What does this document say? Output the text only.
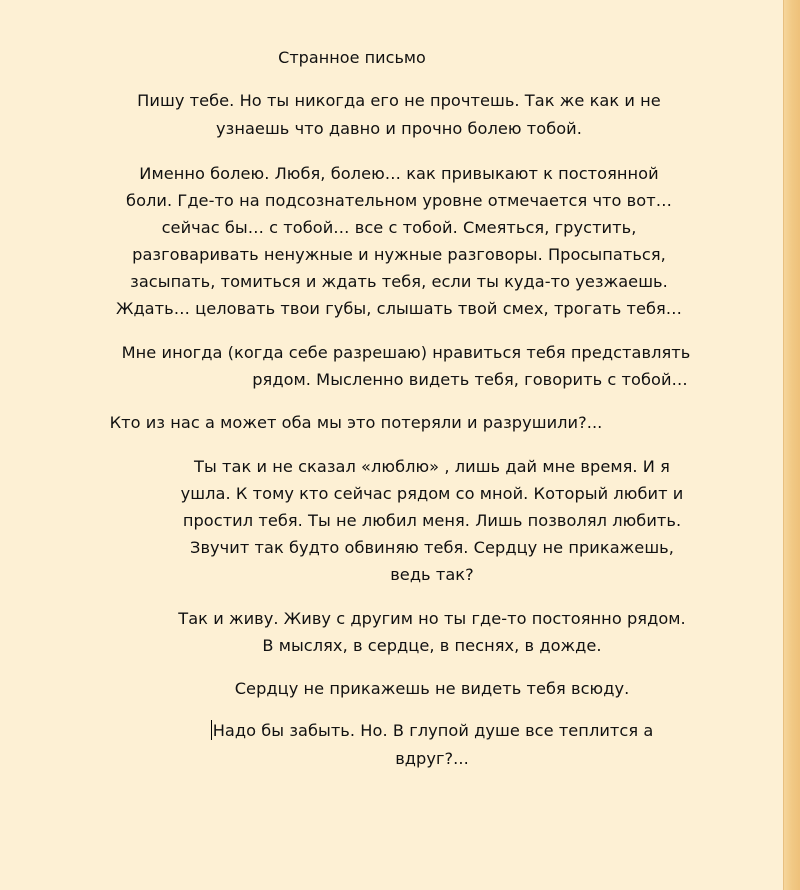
Странное письмо
Пишу тебе. Но ты никогда его не прочтешь. Так же как и не
узнаешь что давно и прочно болею тобой.
Именно болею. Любя, болею… как привыкают к постоянной
боли. Где-то на подсознательном уровне отмечается что вот…
сейчас бы… с тобой… все с тобой. Смеяться, грустить,
разговаривать ненужные и нужные разговоры. Просыпаться,
засыпать, томиться и ждать тебя, если ты куда-то уезжаешь.
Ждать… целовать твои губы, слышать твой смех, трогать тебя…
Мне иногда (когда себе разрешаю) нравиться тебя представлять
рядом. Мысленно видеть тебя, говорить с тобой…
Кто из нас а может оба мы это потеряли и разрушили?...
Ты так и не сказал «люблю» , лишь дай мне время. И я
ушла. К тому кто сейчас рядом со мной. Который любит и
простил тебя. Ты не любил меня. Лишь позволял любить.
Звучит так будто обвиняю тебя. Сердцу не прикажешь,
ведь так?
Так и живу. Живу с другим но ты где-то постоянно рядом.
В мыслях, в сердце, в песнях, в дожде.
Сердцу не прикажешь не видеть тебя всюду.
Надо бы забыть. Но. В глупой душе все теплится а
вдруг?...
